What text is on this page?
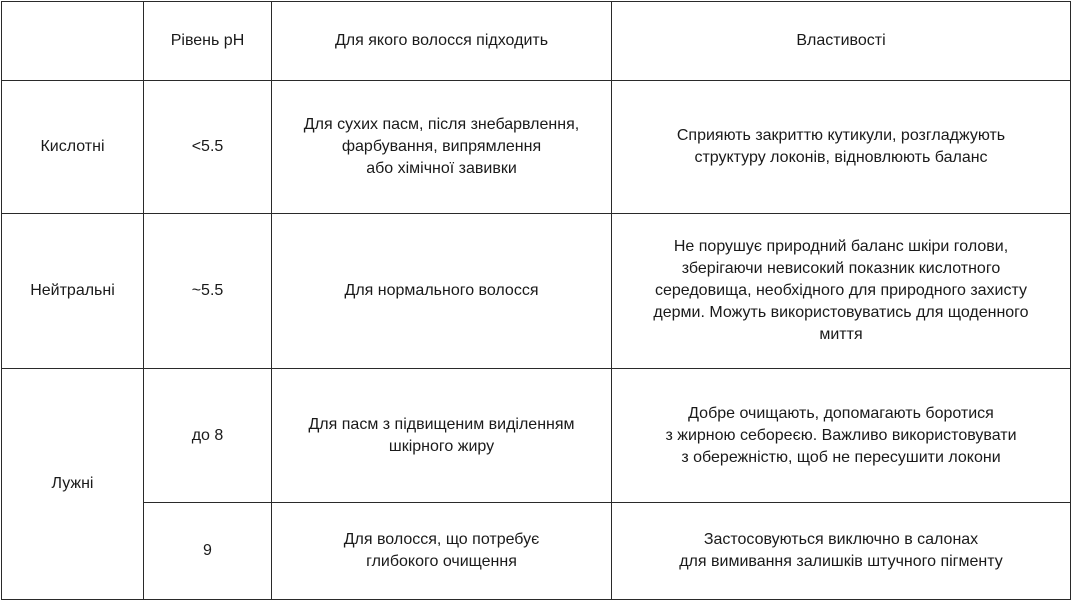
	Рівень pH	Для якого волосся підходить	Властивості
Кислотні	<5.5	Для сухих пасм, після знебарвлення,
фарбування, випрямлення
або хімічної завивки	Сприяють закриттю кутикули, розгладжують
структуру локонів, відновлюють баланс
Нейтральні	~5.5	Для нормального волосся	Не порушує природний баланс шкіри голови,
зберігаючи невисокий показник кислотного
середовища, необхідного для природного захисту
дерми. Можуть використовуватись для щоденного
миття
Лужні	до 8	Для пасм з підвищеним виділенням
шкірного жиру	Добре очищають, допомагають боротися
з жирною себореєю. Важливо використовувати
з обережністю, щоб не пересушити локони
	9	Для волосся, що потребує
глибокого очищення	Застосовуються виключно в салонах
для вимивання залишків штучного пігменту
